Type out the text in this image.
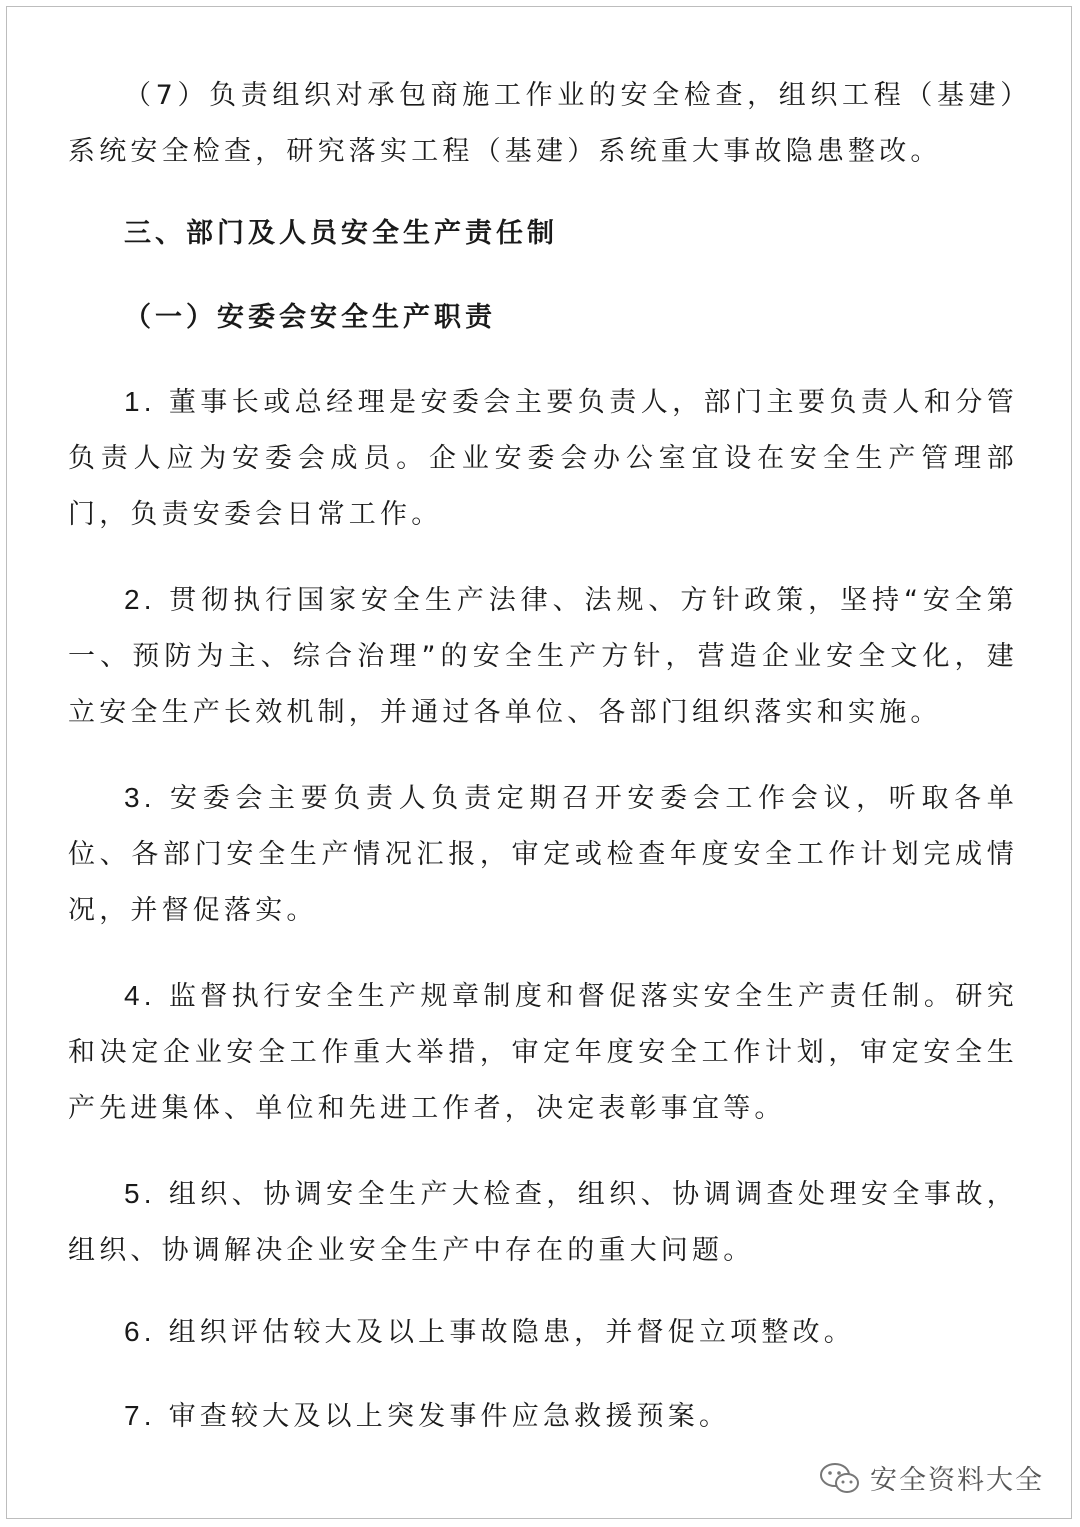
（7）负责组织对承包商施工作业的安全检查，组织工程（基建）系统安全检查，研究落实工程（基建）系统重大事故隐患整改。

三、部门及人员安全生产责任制

（一）安委会安全生产职责

1. 董事长或总经理是安委会主要负责人，部门主要负责人和分管负责人应为安委会成员。企业安委会办公室宜设在安全生产管理部门，负责安委会日常工作。

2. 贯彻执行国家安全生产法律、法规、方针政策，坚持“安全第一、预防为主、综合治理”的安全生产方针，营造企业安全文化，建立安全生产长效机制，并通过各单位、各部门组织落实和实施。

3. 安委会主要负责人负责定期召开安委会工作会议，听取各单位、各部门安全生产情况汇报，审定或检查年度安全工作计划完成情况，并督促落实。

4. 监督执行安全生产规章制度和督促落实安全生产责任制。研究和决定企业安全工作重大举措，审定年度安全工作计划，审定安全生产先进集体、单位和先进工作者，决定表彰事宜等。

5. 组织、协调安全生产大检查，组织、协调调查处理安全事故，组织、协调解决企业安全生产中存在的重大问题。

6. 组织评估较大及以上事故隐患，并督促立项整改。

7. 审查较大及以上突发事件应急救援预案。

安全资料大全
